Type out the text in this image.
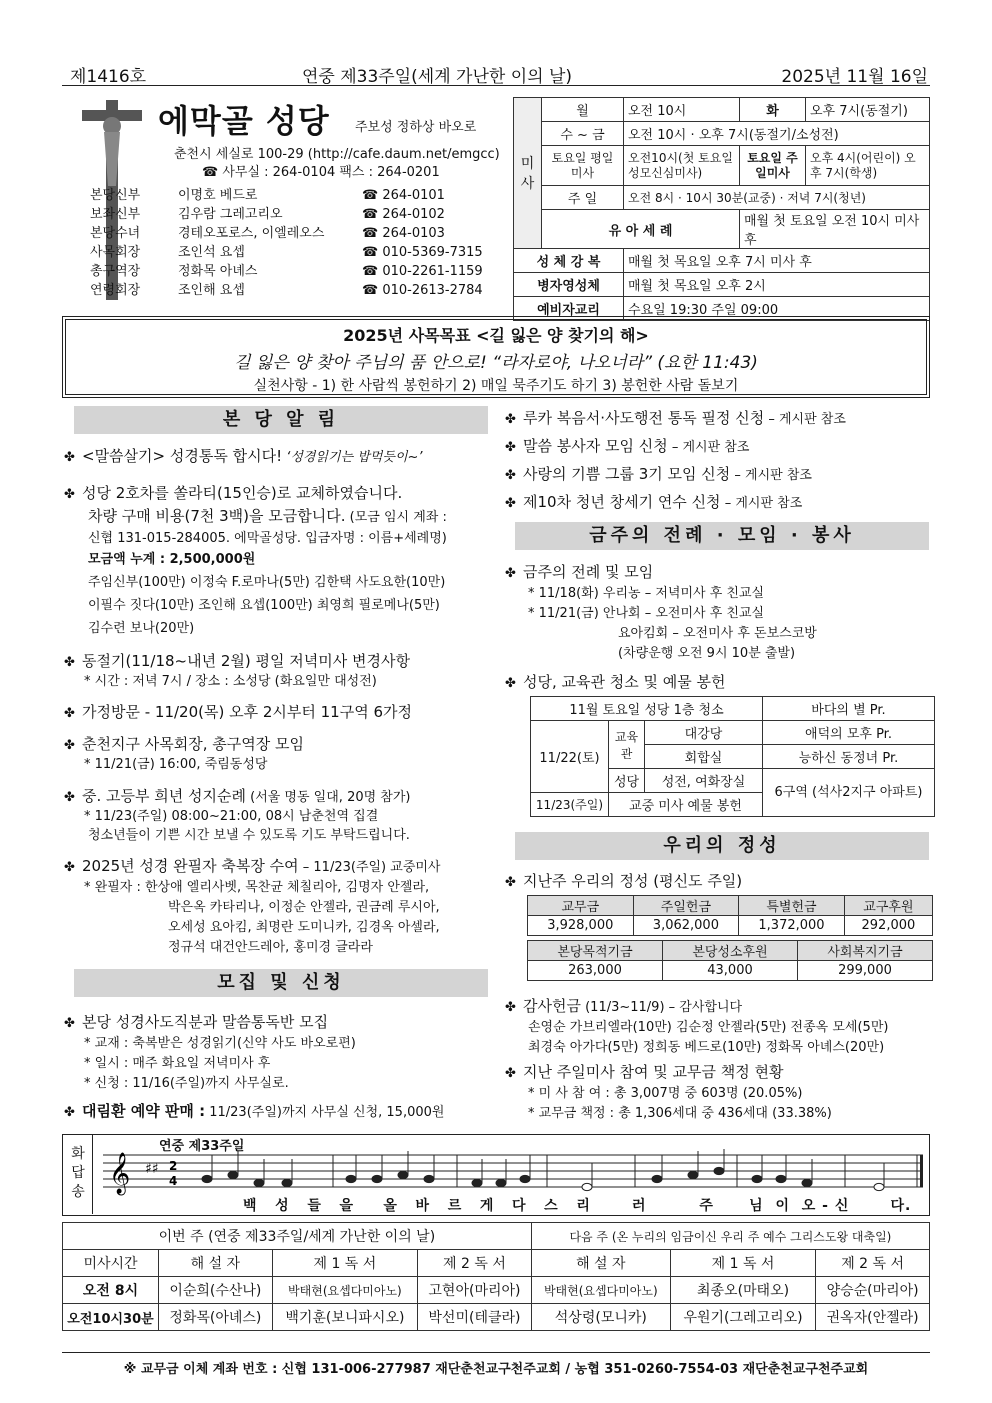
제1416호	연중 제33주일(세계 가난한 이의 날)	2025년 11월 16일
에막골 성당 주보성 정하상 바오로
춘천시 세실로 100-29 (http://cafe.daum.net/emgcc)
☎ 사무실 : 264-0104 팩스 : 264-0201
본당신부	이명호 베드로	☎ 264-0101
보좌신부	김우람 그레고리오	☎ 264-0102
본당수녀	경테오포로스, 이엘레오스	☎ 264-0103
사목회장	조인석 요셉	☎ 010-5369-7315
총구역장	정화목 아녜스	☎ 010-2261-1159
연령회장	조인해 요셉	☎ 010-2613-2784
미사	월	오전 10시	화	오후 7시(동절기)
	수 ~ 금	오전 10시 · 오후 7시(동절기/소성전)		
	토요일 평일미사	오전10시(첫 토요일 성모신심미사)	토요일 주일미사	오후 4시(어린이) 오후 7시(학생)
	주 일	오전 8시 · 10시 30분(교중) · 저녁 7시(청년)		
	유 아 세 례		매월 첫 토요일 오전 10시 미사 후	
성 체 강 복		매월 첫 목요일 오후 7시 미사 후		
병자영성체		매월 첫 목요일 오후 2시		
예비자교리		수요일 19:30 주일 09:00		
2025년 사목목표 <길 잃은 양 찾기의 해>
길 잃은 양 찾아 주님의 품 안으로! “라자로야, 나오너라” (요한 11:43)
실천사항 - 1) 한 사람씩 봉헌하기 2) 매일 묵주기도 하기 3) 봉헌한 사람 돌보기
본 당 알 림
✤ <말씀살기> 성경통독 합시다! ‘성경읽기는 밥먹듯이~’
✤ 성당 2호차를 쏠라티(15인승)로 교체하였습니다.
차량 구매 비용(7천 3백)을 모금합니다. (모금 임시 계좌 :
신협 131-015-284005. 에막골성당. 입금자명 : 이름+세례명)
모금액 누계 : 2,500,000원
주임신부(100만) 이정숙 F.로마나(5만) 김한택 사도요한(10만)
이필수 짓다(10만) 조인해 요셉(100만) 최영희 필로메나(5만)
김수련 보나(20만)
✤ 동절기(11/18~내년 2월) 평일 저녁미사 변경사항
* 시간 : 저녁 7시 / 장소 : 소성당 (화요일만 대성전)
✤ 가정방문 - 11/20(목) 오후 2시부터 11구역 6가정
✤ 춘천지구 사목회장, 총구역장 모임
* 11/21(금) 16:00, 죽림동성당
✤ 중. 고등부 희년 성지순례 (서울 명동 일대, 20명 참가)
* 11/23(주일) 08:00~21:00, 08시 남춘천역 집결
청소년들이 기쁜 시간 보낼 수 있도록 기도 부탁드립니다.
✤ 2025년 성경 완필자 축복장 수여 – 11/23(주일) 교중미사
* 완필자 : 한상애 엘리사벳, 목찬균 체칠리아, 김명자 안젤라,
박은옥 카타리나, 이정순 안젤라, 권금례 루시아,
오세성 요아킴, 최명란 도미니카, 김경옥 아셀라,
정규석 대건안드레아, 홍미경 글라라
모집 및 신청
✤ 본당 성경사도직분과 말씀통독반 모집
* 교재 : 축복받은 성경읽기(신약 사도 바오로편)
* 일시 : 매주 화요일 저녁미사 후
* 신청 : 11/16(주일)까지 사무실로.
✤ 대림환 예약 판매 : 11/23(주일)까지 사무실 신청, 15,000원
✤ 루카 복음서·사도행전 통독 필정 신청 – 게시판 참조
✤ 말씀 봉사자 모임 신청 – 게시판 참조
✤ 사랑의 기쁨 그룹 3기 모임 신청 – 게시판 참조
✤ 제10차 청년 창세기 연수 신청 – 게시판 참조
금주의 전례 · 모임 · 봉사
✤ 금주의 전례 및 모임
* 11/18(화) 우리농 – 저녁미사 후 친교실
* 11/21(금) 안나회 – 오전미사 후 친교실
요아킴회 – 오전미사 후 돈보스코방
(차량운행 오전 9시 10분 출발)
✤ 성당, 교육관 청소 및 예물 봉헌
11월 토요일 성당 1층 청소			바다의 별 Pr.
11/22(토)	교육관	대강당	애덕의 모후 Pr.
		회합실	능하신 동정녀 Pr.
	성당	성전, 여화장실	6구역 (석사2지구 아파트)
11/23(주일)	교중 미사 예물 봉헌		
우리의 정성
✤ 지난주 우리의 정성 (평신도 주일)
교무금	주일헌금	특별헌금	교구후원
3,928,000	3,062,000	1,372,000	292,000
본당목적기금	본당성소후원	사회복지기금
263,000	43,000	299,000
✤ 감사헌금 (11/3~11/9) – 감사합니다
손영순 가브리엘라(10만) 김순정 안젤라(5만) 전종옥 모세(5만)
최경숙 아가다(5만) 정희동 베드로(10만) 정화목 아녜스(20만)
✤ 지난 주일미사 참여 및 교무금 책정 현황
* 미 사 참 여 : 총 3,007명 중 603명 (20.05%)
* 교무금 책정 : 총 1,306세대 중 436세대 (33.38%)
화답송
연중 제33주일
𝄞 ♯♯ 2
4
백 성 들 을 올 바 르 게 다 스 리	러	주	님 이 오 - 신	다.
이번 주 (연중 제33주일/세계 가난한 이의 날)				다음 주 (온 누리의 임금이신 우리 주 예수 그리스도왕 대축일)		
미사시간	해 설 자	제 1 독 서	제 2 독 서	해 설 자	제 1 독 서	제 2 독 서
오전 8시	이순희(수산나)	박태현(요셉다미아노)	고현아(마리아)	박태현(요셉다미아노)	최종오(마태오)	양승순(마리아)
오전10시30분	정화목(아녜스)	백기훈(보니파시오)	박선미(테클라)	석상령(모니카)	우원기(그레고리오)	권옥자(안젤라)
※ 교무금 이체 계좌 번호 : 신협 131-006-277987 재단춘천교구천주교회 / 농협 351-0260-7554-03 재단춘천교구천주교회
